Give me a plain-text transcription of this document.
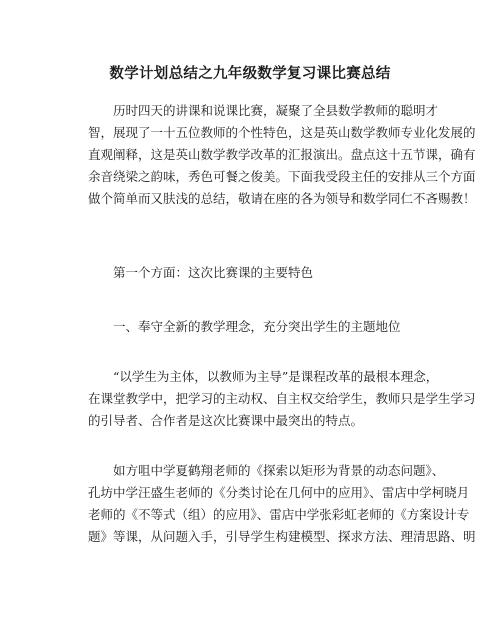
数学计划总结之九年级数学复习课比赛总结
历时四天的讲课和说课比赛，凝聚了全县数学教师的聪明才
智，展现了一十五位教师的个性特色，这是英山数学教师专业化发展的
直观阐释，这是英山数学教学改革的汇报演出。盘点这十五节课，确有
余音绕梁之韵味，秀色可餐之俊美。下面我受段主任的安排从三个方面
做个简单而又肤浅的总结，敬请在座的各为领导和数学同仁不吝赐教！
第一个方面：这次比赛课的主要特色
一、奉守全新的教学理念，充分突出学生的主题地位
“以学生为主体，以教师为主导”是课程改革的最根本理念，
在课堂教学中，把学习的主动权、自主权交给学生，教师只是学生学习
的引导者、合作者是这次比赛课中最突出的特点。
如方咀中学夏鹤翔老师的《探索以矩形为背景的动态问题》、
孔坊中学汪盛生老师的《分类讨论在几何中的应用》、雷店中学柯晓月
老师的《不等式（组）的应用》、雷店中学张彩虹老师的《方案设计专
题》等课，从问题入手，引导学生构建模型、探求方法、理清思路、明
